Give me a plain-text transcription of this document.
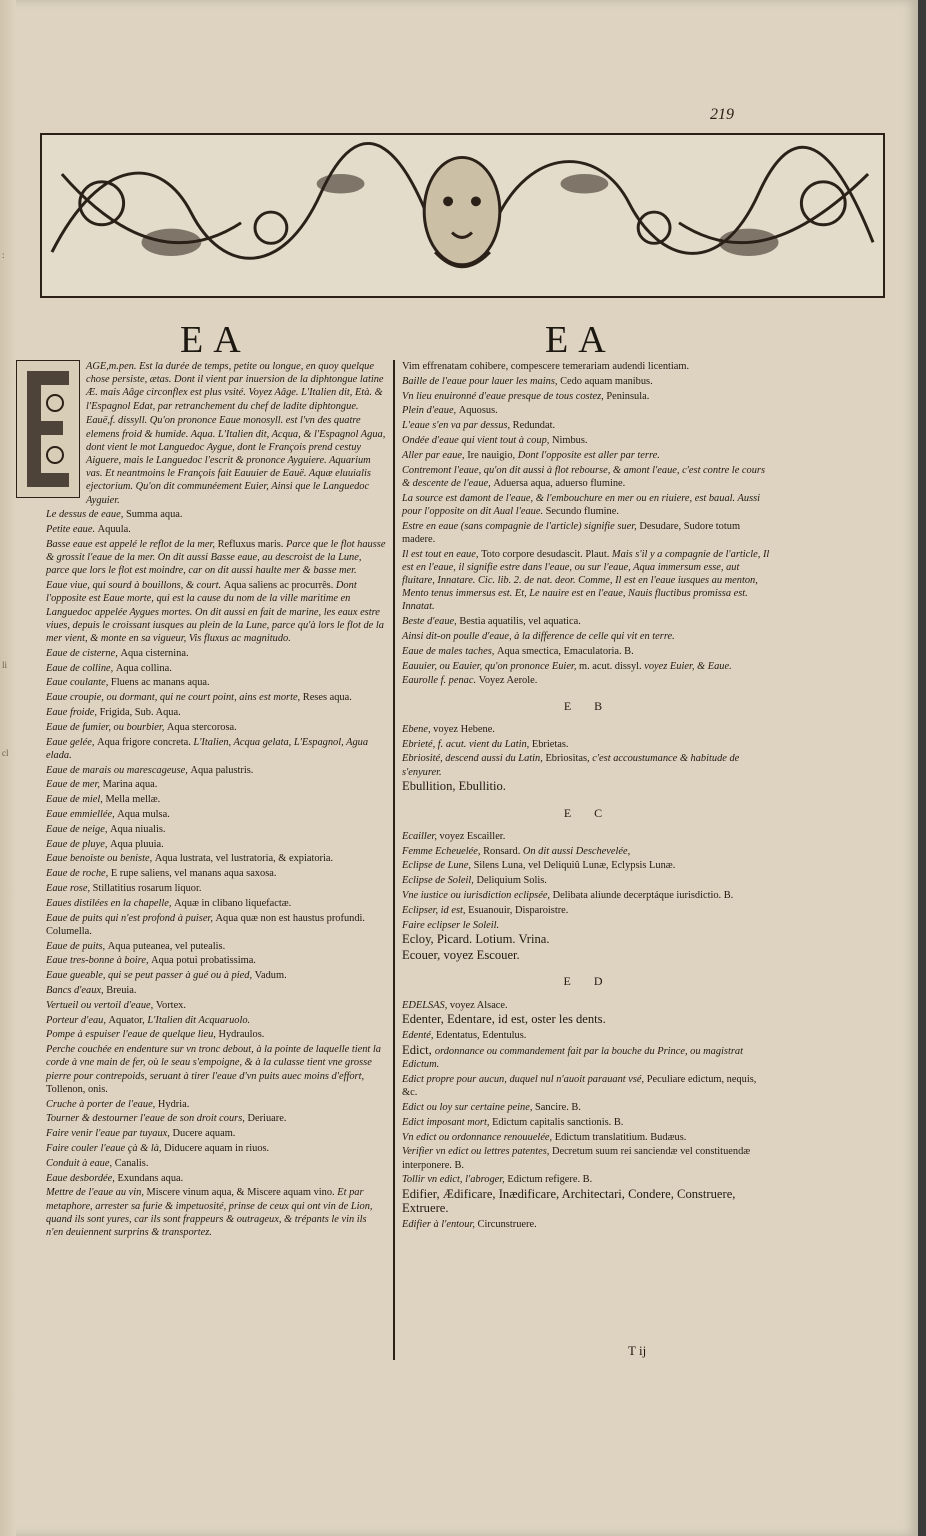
:
li
cl
219
EA	EA
AGE,m.pen. Est la durée de temps, petite ou longue, en quoy quelque chose persiste, ætas. Dont il vient par inuersion de la diphtongue latine Æ. mais Aâge circonflex est plus vsité. Voyez Aâge. L'Italien dit, Età. & l'Espagnol Edat, par retranchement du chef de ladite diphtongue.
Eauë,f. dissyll. Qu'on prononce Eaue monosyll. est l'vn des quatre elemens froid & humide. Aqua. L'Italien dit, Acqua, & l'Espagnol Agua, dont vient le mot Languedoc Aygue, dont le François prend cestuy Aiguere, mais le Languedoc l'escrit & prononce Ayguiere. Aquarium vas. Et neantmoins le François fait Eauuier de Eauë. Aquæ eluuialis ejectorium. Qu'on dit communéement Euier, Ainsi que le Languedoc Ayguier.
Le dessus de eaue, Summa aqua.
Petite eaue. Aquula.
Basse eaue est appelé le reflot de la mer, Refluxus maris. Parce que le flot hausse & grossit l'eaue de la mer. On dit aussi Basse eaue, au descroist de la Lune, parce que lors le flot est moindre, car on dit aussi haulte mer & basse mer.
Eaue viue, qui sourd à bouillons, & court. Aqua saliens ac procurrês. Dont l'opposite est Eaue morte, qui est la cause du nom de la ville maritime en Languedoc appelée Aygues mortes. On dit aussi en fait de marine, les eaux estre viues, depuis le croissant iusques au plein de la Lune, parce qu'à lors le flot de la mer vient, & monte en sa vigueur, Vis fluxus ac magnitudo.
Eaue de cisterne, Aqua cisternina.
Eaue de colline, Aqua collina.
Eaue coulante, Fluens ac manans aqua.
Eaue croupie, ou dormant, qui ne court point, ains est morte, Reses aqua.
Eaue froide, Frigida, Sub. Aqua.
Eaue de fumier, ou bourbier, Aqua stercorosa.
Eaue gelée, Aqua frigore concreta. L'Italien, Acqua gelata, L'Espagnol, Agua elada.
Eaue de marais ou marescageuse, Aqua palustris.
Eaue de mer, Marina aqua.
Eaue de miel, Mella mellæ.
Eaue emmiellée, Aqua mulsa.
Eaue de neige, Aqua niualis.
Eaue de pluye, Aqua pluuia.
Eaue benoiste ou beniste, Aqua lustrata, vel lustratoria, & expiatoria.
Eaue de roche, E rupe saliens, vel manans aqua saxosa.
Eaue rose, Stillatitius rosarum liquor.
Eaues distilées en la chapelle, Aquæ in clibano liquefactæ.
Eaue de puits qui n'est profond à puiser, Aqua quæ non est haustus profundi. Columella.
Eaue de puits, Aqua puteanea, vel putealis.
Eaue tres-bonne à boire, Aqua potui probatissima.
Eaue gueable, qui se peut passer à gué ou à pied, Vadum.
Bancs d'eaux, Breuia.
Vertueil ou vertoil d'eaue, Vortex.
Porteur d'eau, Aquator, L'Italien dit Acquaruolo.
Pompe à espuiser l'eaue de quelque lieu, Hydraulos.
Perche couchée en endenture sur vn tronc debout, à la pointe de laquelle tient la corde à vne main de fer, où le seau s'empoigne, & à la culasse tient vne grosse pierre pour contrepoids, seruant à tirer l'eaue d'vn puits auec moins d'effort, Tollenon, onis.
Cruche à porter de l'eaue, Hydria.
Tourner & destourner l'eaue de son droit cours, Deriuare.
Faire venir l'eaue par tuyaux, Ducere aquam.
Faire couler l'eaue çà & là, Diducere aquam in riuos.
Conduit à eaue, Canalis.
Eaue desbordée, Exundans aqua.
Mettre de l'eaue au vin, Miscere vinum aqua, & Miscere aquam vino. Et par metaphore, arrester sa furie & impetuosité, prinse de ceux qui ont vin de Lion, quand ils sont yures, car ils sont frappeurs & outrageux, & trépants le vin ils n'en deuiennent surprins & transportez.
Vim effrenatam cohibere, compescere temerariam audendi licentiam.
Baille de l'eaue pour lauer les mains, Cedo aquam manibus.
Vn lieu enuironné d'eaue presque de tous costez, Peninsula.
Plein d'eaue, Aquosus.
L'eaue s'en va par dessus, Redundat.
Ondée d'eaue qui vient tout à coup, Nimbus.
Aller par eaue, Ire nauigio, Dont l'opposite est aller par terre.
Contremont l'eaue, qu'on dit aussi à flot rebourse, & amont l'eaue, c'est contre le cours & descente de l'eaue, Aduersa aqua, aduerso flumine.
La source est damont de l'eaue, & l'embouchure en mer ou en riuiere, est baual. Aussi pour l'opposite on dit Aual l'eaue. Secundo flumine.
Estre en eaue (sans compagnie de l'article) signifie suer, Desudare, Sudore totum madere.
Il est tout en eaue, Toto corpore desudascit. Plaut. Mais s'il y a compagnie de l'article, Il est en l'eaue, il signifie estre dans l'eaue, ou sur l'eaue, Aqua immersum esse, aut fluitare, Innatare. Cic. lib. 2. de nat. deor. Comme, Il est en l'eaue iusques au menton, Mento tenus immersus est. Et, Le nauire est en l'eaue, Nauis fluctibus promissa est. Innatat.
Beste d'eaue, Bestia aquatilis, vel aquatica.
Ainsi dit-on poulle d'eaue, à la difference de celle qui vit en terre.
Eaue de males taches, Aqua smectica, Emaculatoria. B.
Eauuier, ou Eauier, qu'on prononce Euier, m. acut. dissyl. voyez Euier, & Eaue.
Eaurolle f. penac. Voyez Aerole.
E B
Ebene, voyez Hebene.
Ebrieté, f. acut. vient du Latin, Ebrietas.
Ebriosité, descend aussi du Latin, Ebriositas, c'est accoustumance & habitude de s'enyurer.
Ebullition, Ebullitio.
E C
Ecailler, voyez Escailler.
Femme Echeuelée, Ronsard. On dit aussi Deschevelée,
Eclipse de Lune, Silens Luna, vel Deliquiû Lunæ, Eclypsis Lunæ.
Eclipse de Soleil, Deliquium Solis.
Vne iustice ou iurisdiction eclipsée, Delibata aliunde decerptáque iurisdictio. B.
Eclipser, id est, Esuanouir, Disparoistre.
Faire eclipser le Soleil.
Ecloy, Picard. Lotium. Vrina.
Ecouer, voyez Escouer.
E D
EDELSAS, voyez Alsace.
Edenter, Edentare, id est, oster les dents.
Edenté, Edentatus, Edentulus.
Edict, ordonnance ou commandement fait par la bouche du Prince, ou magistrat Edictum.
Edict propre pour aucun, duquel nul n'auoit parauant vsé, Peculiare edictum, nequis, &c.
Edict ou loy sur certaine peine, Sancire. B.
Edict imposant mort, Edictum capitalis sanctionis. B.
Vn edict ou ordonnance renouuelée, Edictum translatitium. Budæus.
Verifier vn edict ou lettres patentes, Decretum suum rei sanciendæ vel constituendæ interponere. B.
Tollir vn edict, l'abroger, Edictum refigere. B.
Edifier, Ædificare, Inædificare, Architectari, Condere, Construere, Extruere.
Edifier à l'entour, Circunstruere.
T ij
